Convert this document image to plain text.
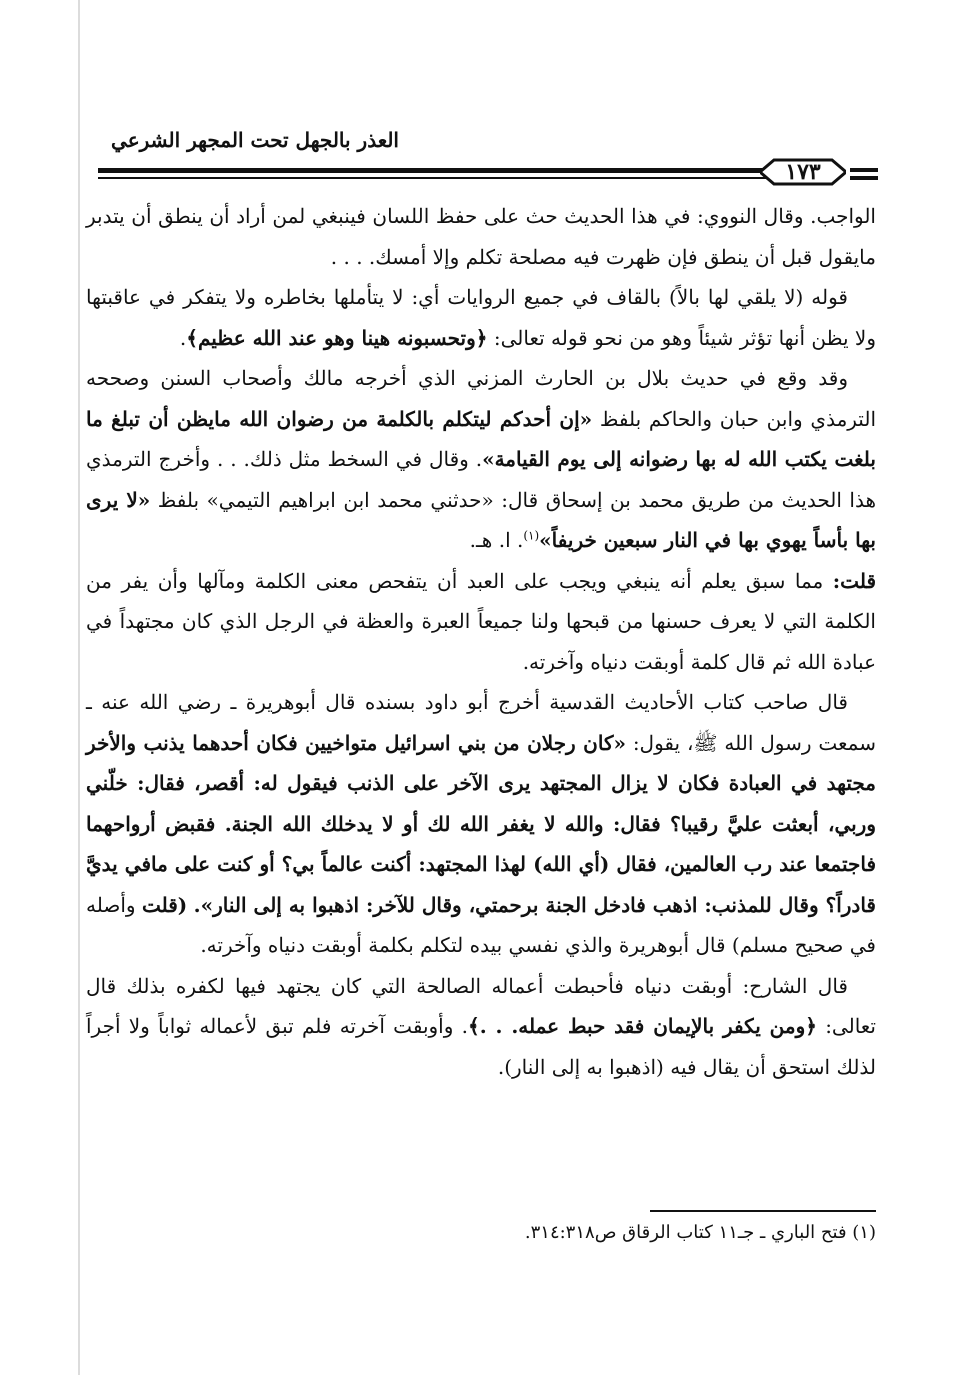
العذر بالجهل تحت المجهر الشرعي
١٧٣

الواجب. وقال النووي: في هذا الحديث حث على حفظ اللسان فينبغي لمن أراد أن ينطق أن يتدبر مايقول قبل أن ينطق فإن ظهرت فيه مصلحة تكلم وإلا أمسك. . . .

قوله (لا يلقي لها بالاً) بالقاف في جميع الروايات أي: لا يتأملها بخاطره ولا يتفكر في عاقبتها ولا يظن أنها تؤثر شيئاً وهو من نحو قوله تعالى: ﴿وتحسبونه هينا وهو عند الله عظيم﴾.

وقد وقع في حديث بلال بن الحارث المزني الذي أخرجه مالك وأصحاب السنن وصححه الترمذي وابن حبان والحاكم بلفظ «إن أحدكم ليتكلم بالكلمة من رضوان الله مايظن أن تبلغ ما بلغت يكتب الله له بها رضوانه إلى يوم القيامة». وقال في السخط مثل ذلك. . . وأخرج الترمذي هذا الحديث من طريق محمد بن إسحاق قال: «حدثني محمد ابن ابراهيم التيمي» بلفظ «لا يرى بها بأساً يهوي بها في النار سبعين خريفاً»$^{(١)}$. ا. هـ.

قلت: مما سبق يعلم أنه ينبغي ويجب على العبد أن يتفحص معنى الكلمة ومآلها وأن يفر من الكلمة التي لا يعرف حسنها من قبحها ولنا جميعاً العبرة والعظة في الرجل الذي كان مجتهداً في عبادة الله ثم قال كلمة أوبقت دنياه وآخرته.

قال صاحب كتاب الأحاديث القدسية أخرج أبو داود بسنده قال أبوهريرة ـ رضي الله عنه ـ سمعت رسول الله ﷺ، يقول: «كان رجلان من بني اسرائيل متواخيين فكان أحدهما يذنب والأخر مجتهد في العبادة فكان لا يزال المجتهد يرى الآخر على الذنب فيقول له: أقصر، فقال: خلّني وربي، أبعثت عليَّ رقيبا؟ فقال: والله لا يغفر الله لك أو لا يدخلك الله الجنة. فقبض أرواحهما فاجتمعا عند رب العالمين، فقال (أي الله) لهذا المجتهد: أكنت عالماً بي؟ أو كنت على مافي يديَّ قادراً؟ وقال للمذنب: اذهب فادخل الجنة برحمتي، وقال للآخر: اذهبوا به إلى النار». (قلت وأصله في صحيح مسلم) قال أبوهريرة والذي نفسي بيده لتكلم بكلمة أوبقت دنياه وآخرته.

قال الشارح: أوبقت دنياه فأحبطت أعماله الصالحة التي كان يجتهد فيها لكفره بذلك قال تعالى: ﴿ومن يكفر بالإيمان فقد حبط عمله. . .﴾. وأوبقت آخرته فلم تبق لأعماله ثواباً ولا أجراً لذلك استحق أن يقال فيه (اذهبوا به إلى النار).

(١) فتح الباري ـ جـ١١ كتاب الرقاق ص٣١٤:٣١٨.
